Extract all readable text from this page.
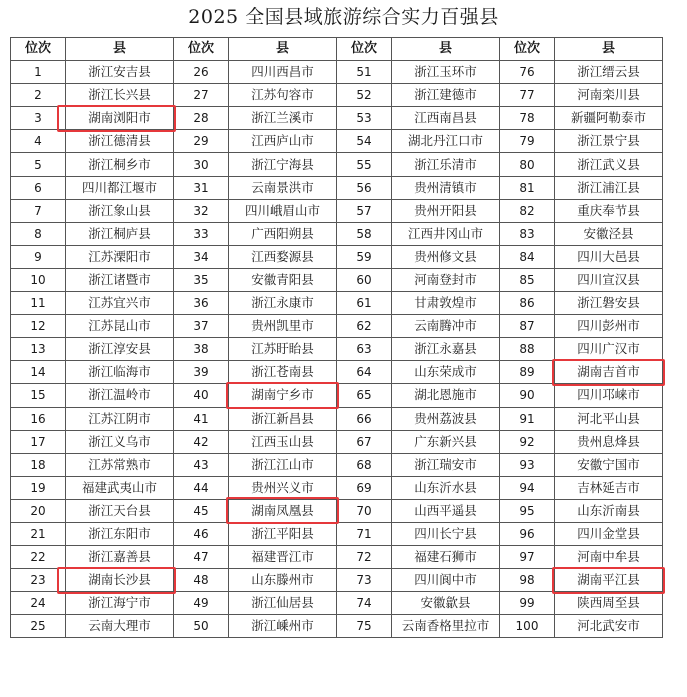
2025 全国县域旅游综合实力百强县
位次	县	位次	县	位次	县	位次	县
1	浙江安吉县	26	四川西昌市	51	浙江玉环市	76	浙江缙云县
2	浙江长兴县	27	江苏句容市	52	浙江建德市	77	河南栾川县
3	湖南浏阳市	28	浙江兰溪市	53	江西南昌县	78	新疆阿勒泰市
4	浙江德清县	29	江西庐山市	54	湖北丹江口市	79	浙江景宁县
5	浙江桐乡市	30	浙江宁海县	55	浙江乐清市	80	浙江武义县
6	四川都江堰市	31	云南景洪市	56	贵州清镇市	81	浙江浦江县
7	浙江象山县	32	四川峨眉山市	57	贵州开阳县	82	重庆奉节县
8	浙江桐庐县	33	广西阳朔县	58	江西井冈山市	83	安徽泾县
9	江苏溧阳市	34	江西婺源县	59	贵州修文县	84	四川大邑县
10	浙江诸暨市	35	安徽青阳县	60	河南登封市	85	四川宣汉县
11	江苏宜兴市	36	浙江永康市	61	甘肃敦煌市	86	浙江磐安县
12	江苏昆山市	37	贵州凯里市	62	云南腾冲市	87	四川彭州市
13	浙江淳安县	38	江苏盱眙县	63	浙江永嘉县	88	四川广汉市
14	浙江临海市	39	浙江苍南县	64	山东荣成市	89	湖南吉首市
15	浙江温岭市	40	湖南宁乡市	65	湖北恩施市	90	四川邛崃市
16	江苏江阴市	41	浙江新昌县	66	贵州荔波县	91	河北平山县
17	浙江义乌市	42	江西玉山县	67	广东新兴县	92	贵州息烽县
18	江苏常熟市	43	浙江江山市	68	浙江瑞安市	93	安徽宁国市
19	福建武夷山市	44	贵州兴义市	69	山东沂水县	94	吉林延吉市
20	浙江天台县	45	湖南凤凰县	70	山西平遥县	95	山东沂南县
21	浙江东阳市	46	浙江平阳县	71	四川长宁县	96	四川金堂县
22	浙江嘉善县	47	福建晋江市	72	福建石狮市	97	河南中牟县
23	湖南长沙县	48	山东滕州市	73	四川阆中市	98	湖南平江县
24	浙江海宁市	49	浙江仙居县	74	安徽歙县	99	陕西周至县
25	云南大理市	50	浙江嵊州市	75	云南香格里拉市	100	河北武安市
